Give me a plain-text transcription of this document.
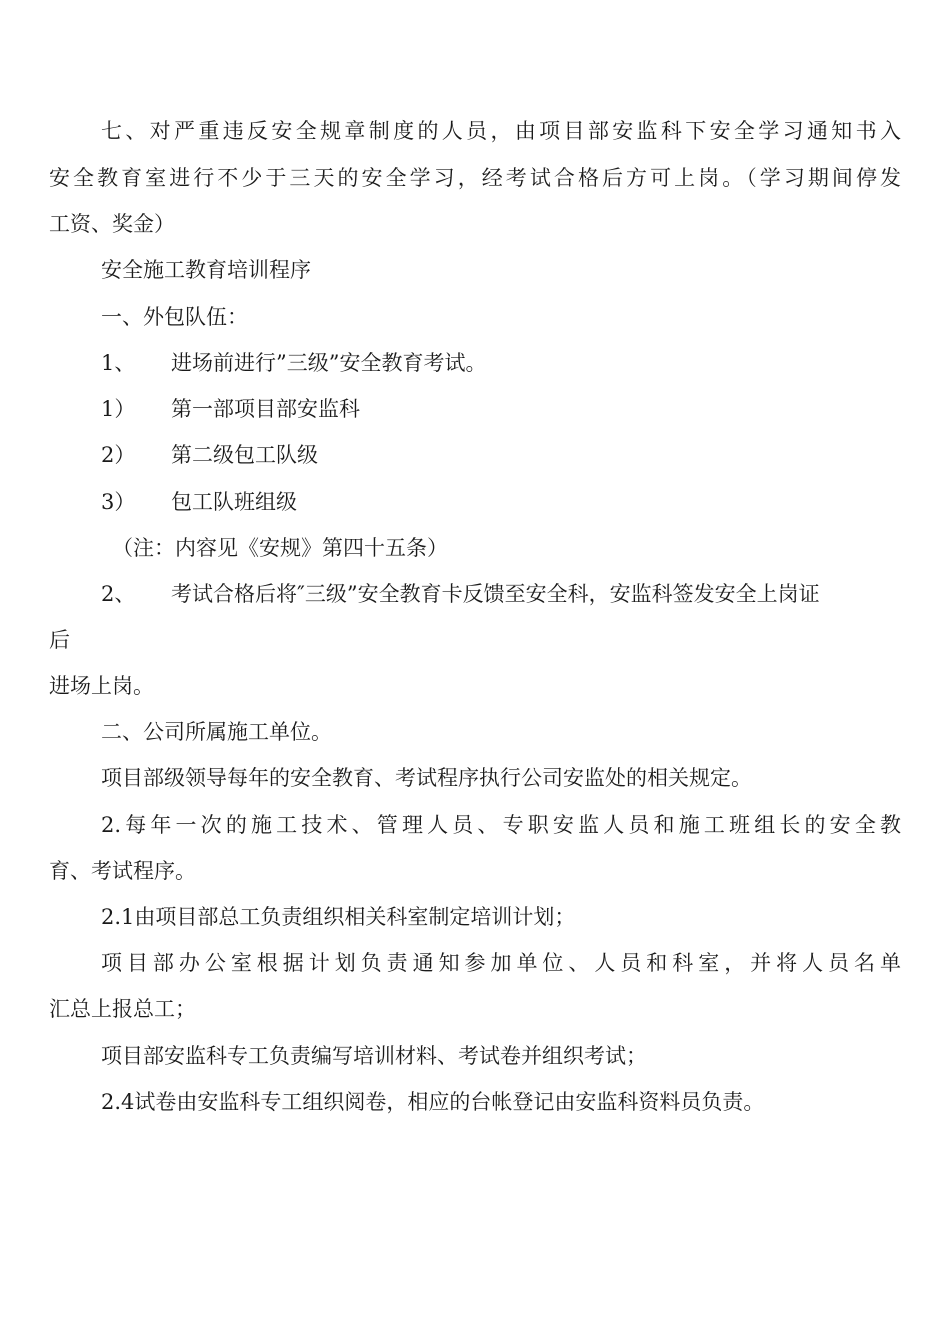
七、对严重违反安全规章制度的人员，由项目部安监科下安全学习通知书入
安全教育室进行不少于三天的安全学习，经考试合格后方可上岗。（学习期间停发
工资、奖金）
安全施工教育培训程序
一、外包队伍：
1、 进场前进行”三级”安全教育考试。
1） 第一部项目部安监科
2） 第二级包工队级
3） 包工队班组级
（注：内容见《安规》第四十五条）
2、 考试合格后将″三级”安全教育卡反馈至安全科，安监科签发安全上岗证
后
进场上岗。
二、公司所属施工单位。
项目部级领导每年的安全教育、考试程序执行公司安监处的相关规定。
2.每年一次的施工技术、管理人员、专职安监人员和施工班组长的安全教
育、考试程序。
2.1由项目部总工负责组织相关科室制定培训计划；
项目部办公室根据计划负责通知参加单位、人员和科室，并将人员名单
汇总上报总工；
项目部安监科专工负责编写培训材料、考试卷并组织考试；
2.4试卷由安监科专工组织阅卷，相应的台帐登记由安监科资料员负责。
